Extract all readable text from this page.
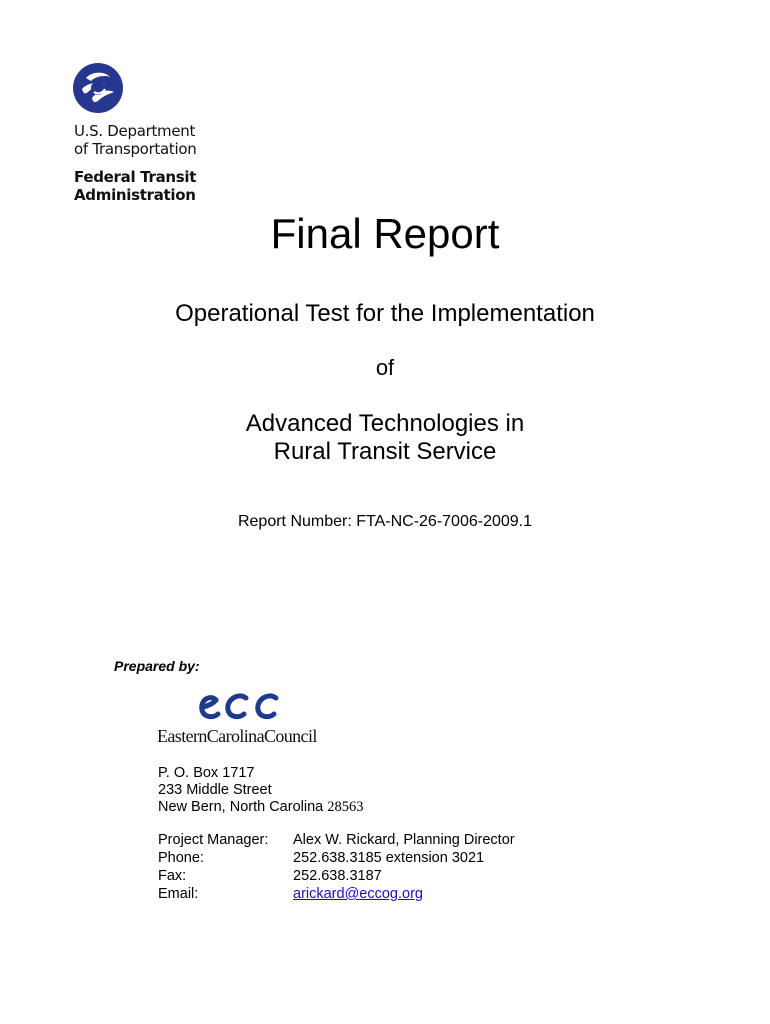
U.S. Department
of Transportation
Federal Transit
Administration
Final Report
Operational Test for the Implementation
of
Advanced Technologies in
Rural Transit Service
Report Number: FTA-NC-26-7006-2009.1
Prepared by:
EasternCarolinaCouncil
P. O. Box 1717
233 Middle Street
New Bern, North Carolina 28563
Project Manager: Alex W. Rickard, Planning Director
Phone:	252.638.3185 extension 3021
Fax:	252.638.3187
Email:	arickard@eccog.org
